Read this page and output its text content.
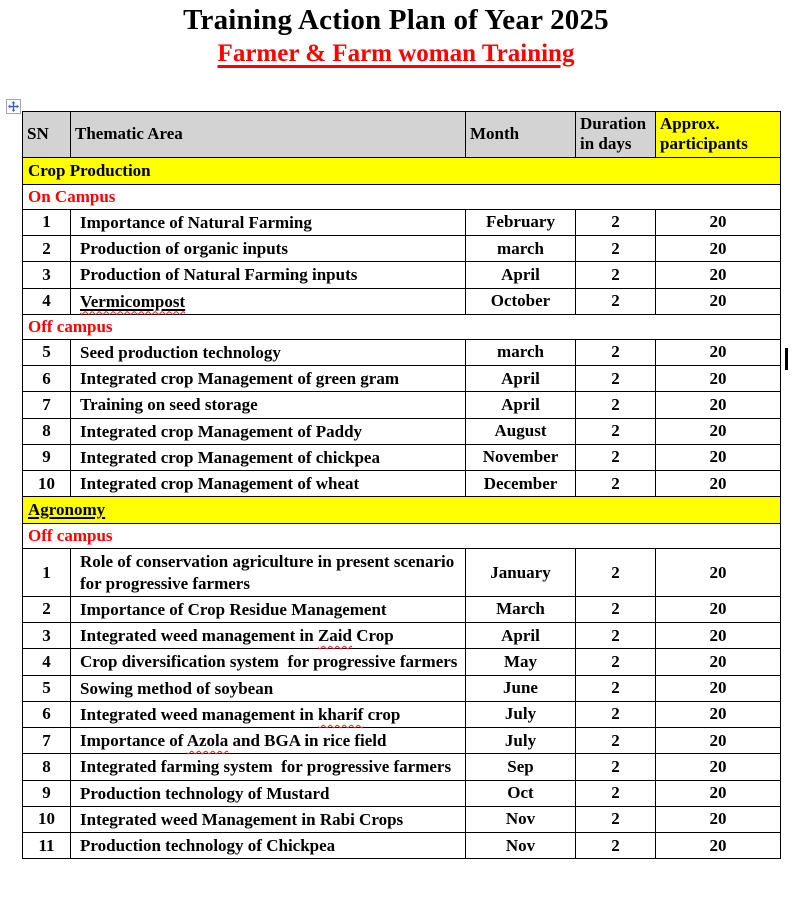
Training Action Plan of Year 2025
Farmer & Farm woman Training
SN	Thematic Area	Month	Duration in days	Approx. participants
Crop Production				
On Campus				
1	Importance of Natural Farming	February	2	20
2	Production of organic inputs	march	2	20
3	Production of Natural Farming inputs	April	2	20
4	Vermicompost	October	2	20
Off campus				
5	Seed production technology	march	2	20
6	Integrated crop Management of green gram	April	2	20
7	Training on seed storage	April	2	20
8	Integrated crop Management of Paddy	August	2	20
9	Integrated crop Management of chickpea	November	2	20
10	Integrated crop Management of wheat	December	2	20
Agronomy				
Off campus				
1	Role of conservation agriculture in present scenario for progressive farmers	January	2	20
2	Importance of Crop Residue Management	March	2	20
3	Integrated weed management in Zaid Crop	April	2	20
4	Crop diversification system  for progressive farmers	May	2	20
5	Sowing method of soybean	June	2	20
6	Integrated weed management in kharif crop	July	2	20
7	Importance of Azola and BGA in rice field	July	2	20
8	Integrated farming system  for progressive farmers	Sep	2	20
9	Production technology of Mustard	Oct	2	20
10	Integrated weed Management in Rabi Crops	Nov	2	20
11	Production technology of Chickpea	Nov	2	20
